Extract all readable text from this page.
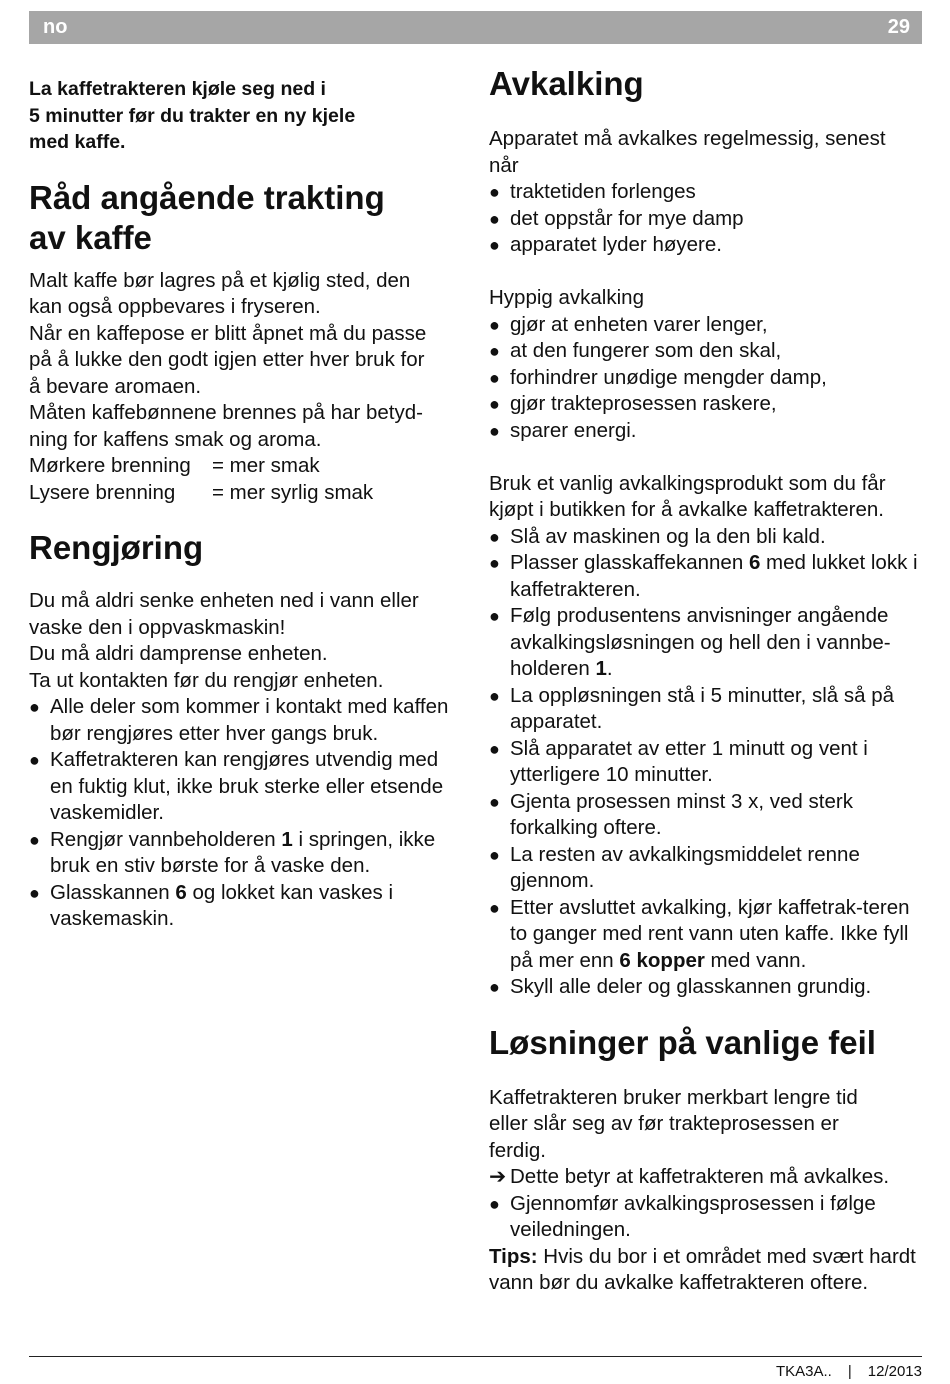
no	29

La kaffetrakteren kjøle seg ned i

5 minutter før du trakter en ny kjele

med kaffe.

Råd angående trakting
av kaffe

Malt kaffe bør lagres på et kjølig sted, den

kan også oppbevares i fryseren.

Når en kaffepose er blitt åpnet må du passe

på å lukke den godt igjen etter hver bruk for

å bevare aromaen.

Måten kaffebønnene brennes på har betyd-

ning for kaffens smak og aroma.

Mørkere brenning	= mer smak
Lysere brenning	= mer syrlig smak
Rengjøring

Du må aldri senke enheten ned i vann eller

vaske den i oppvaskmaskin!

Du må aldri damprense enheten.

Ta ut kontakten før du rengjør enheten.

● Alle deler som kommer i kontakt med kaffen bør rengjøres etter hver gangs bruk.
● Kaffetrakteren kan rengjøres utvendig med en fuktig klut, ikke bruk sterke eller etsende vaskemidler.
● Rengjør vannbeholderen 1 i springen, ikke bruk en stiv børste for å vaske den.
● Glasskannen 6 og lokket kan vaskes i vaskemaskin.
Avkalking

Apparatet må avkalkes regelmessig, senest

når

● traktetiden forlenges
● det oppstår for mye damp
● apparatet lyder høyere.

Hyppig avkalking

● gjør at enheten varer lenger,
● at den fungerer som den skal,
● forhindrer unødige mengder damp,
● gjør trakteprosessen raskere,
● sparer energi.

Bruk et vanlig avkalkingsprodukt som du får

kjøpt i butikken for å avkalke kaffetrakteren.

● Slå av maskinen og la den bli kald.
● Plasser glasskaffekannen 6 med lukket lokk i kaffetrakteren.
● Følg produsentens anvisninger angående avkalkingsløsningen og hell den i vannbe-holderen 1.
● La oppløsningen stå i 5 minutter, slå så på apparatet.
● Slå apparatet av etter 1 minutt og vent i ytterligere 10 minutter.
● Gjenta prosessen minst 3 x, ved sterk forkalking oftere.
● La resten av avkalkingsmiddelet renne gjennom.
● Etter avsluttet avkalking, kjør kaffetrak-teren to ganger med rent vann uten kaffe. Ikke fyll på mer enn 6 kopper med vann.
● Skyll alle deler og glasskannen grundig.
Løsninger på vanlige feil

Kaffetrakteren bruker merkbart lengre tid

eller slår seg av før trakteprosessen er

ferdig.

➔ Dette betyr at kaffetrakteren må avkalkes.
● Gjennomfør avkalkingsprosessen i følge veiledningen.

Tips: Hvis du bor i et området med svært hardt vann bør du avkalke kaffetrakteren oftere.

TKA3A.. | 12/2013
